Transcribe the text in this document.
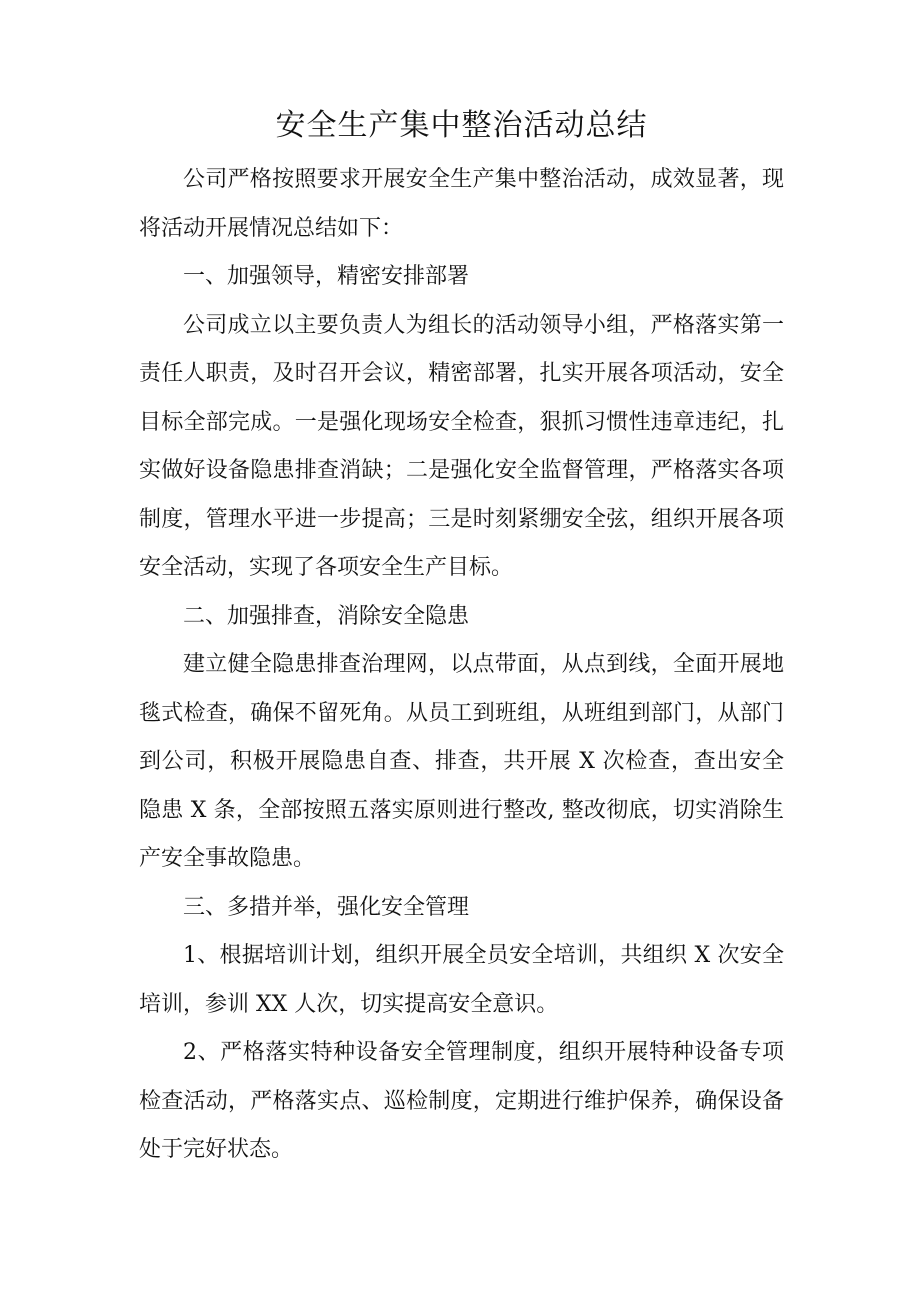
安全生产集中整治活动总结

公司严格按照要求开展安全生产集中整治活动，成效显著，现将活动开展情况总结如下：

一、加强领导，精密安排部署

公司成立以主要负责人为组长的活动领导小组，严格落实第一责任人职责，及时召开会议，精密部署，扎实开展各项活动，安全目标全部完成。一是强化现场安全检查，狠抓习惯性违章违纪，扎实做好设备隐患排查消缺；二是强化安全监督管理，严格落实各项制度，管理水平进一步提高；三是时刻紧绷安全弦，组织开展各项安全活动，实现了各项安全生产目标。

二、加强排查，消除安全隐患

建立健全隐患排查治理网，以点带面，从点到线，全面开展地毯式检查，确保不留死角。从员工到班组，从班组到部门，从部门到公司，积极开展隐患自查、排查，共开展 X 次检查，查出安全隐患 X 条，全部按照五落实原则进行整改, 整改彻底，切实消除生产安全事故隐患。

三、多措并举，强化安全管理

1、根据培训计划，组织开展全员安全培训，共组织 X 次安全培训，参训 XX 人次，切实提高安全意识。

2、严格落实特种设备安全管理制度，组织开展特种设备专项检查活动，严格落实点、巡检制度，定期进行维护保养，确保设备处于完好状态。
